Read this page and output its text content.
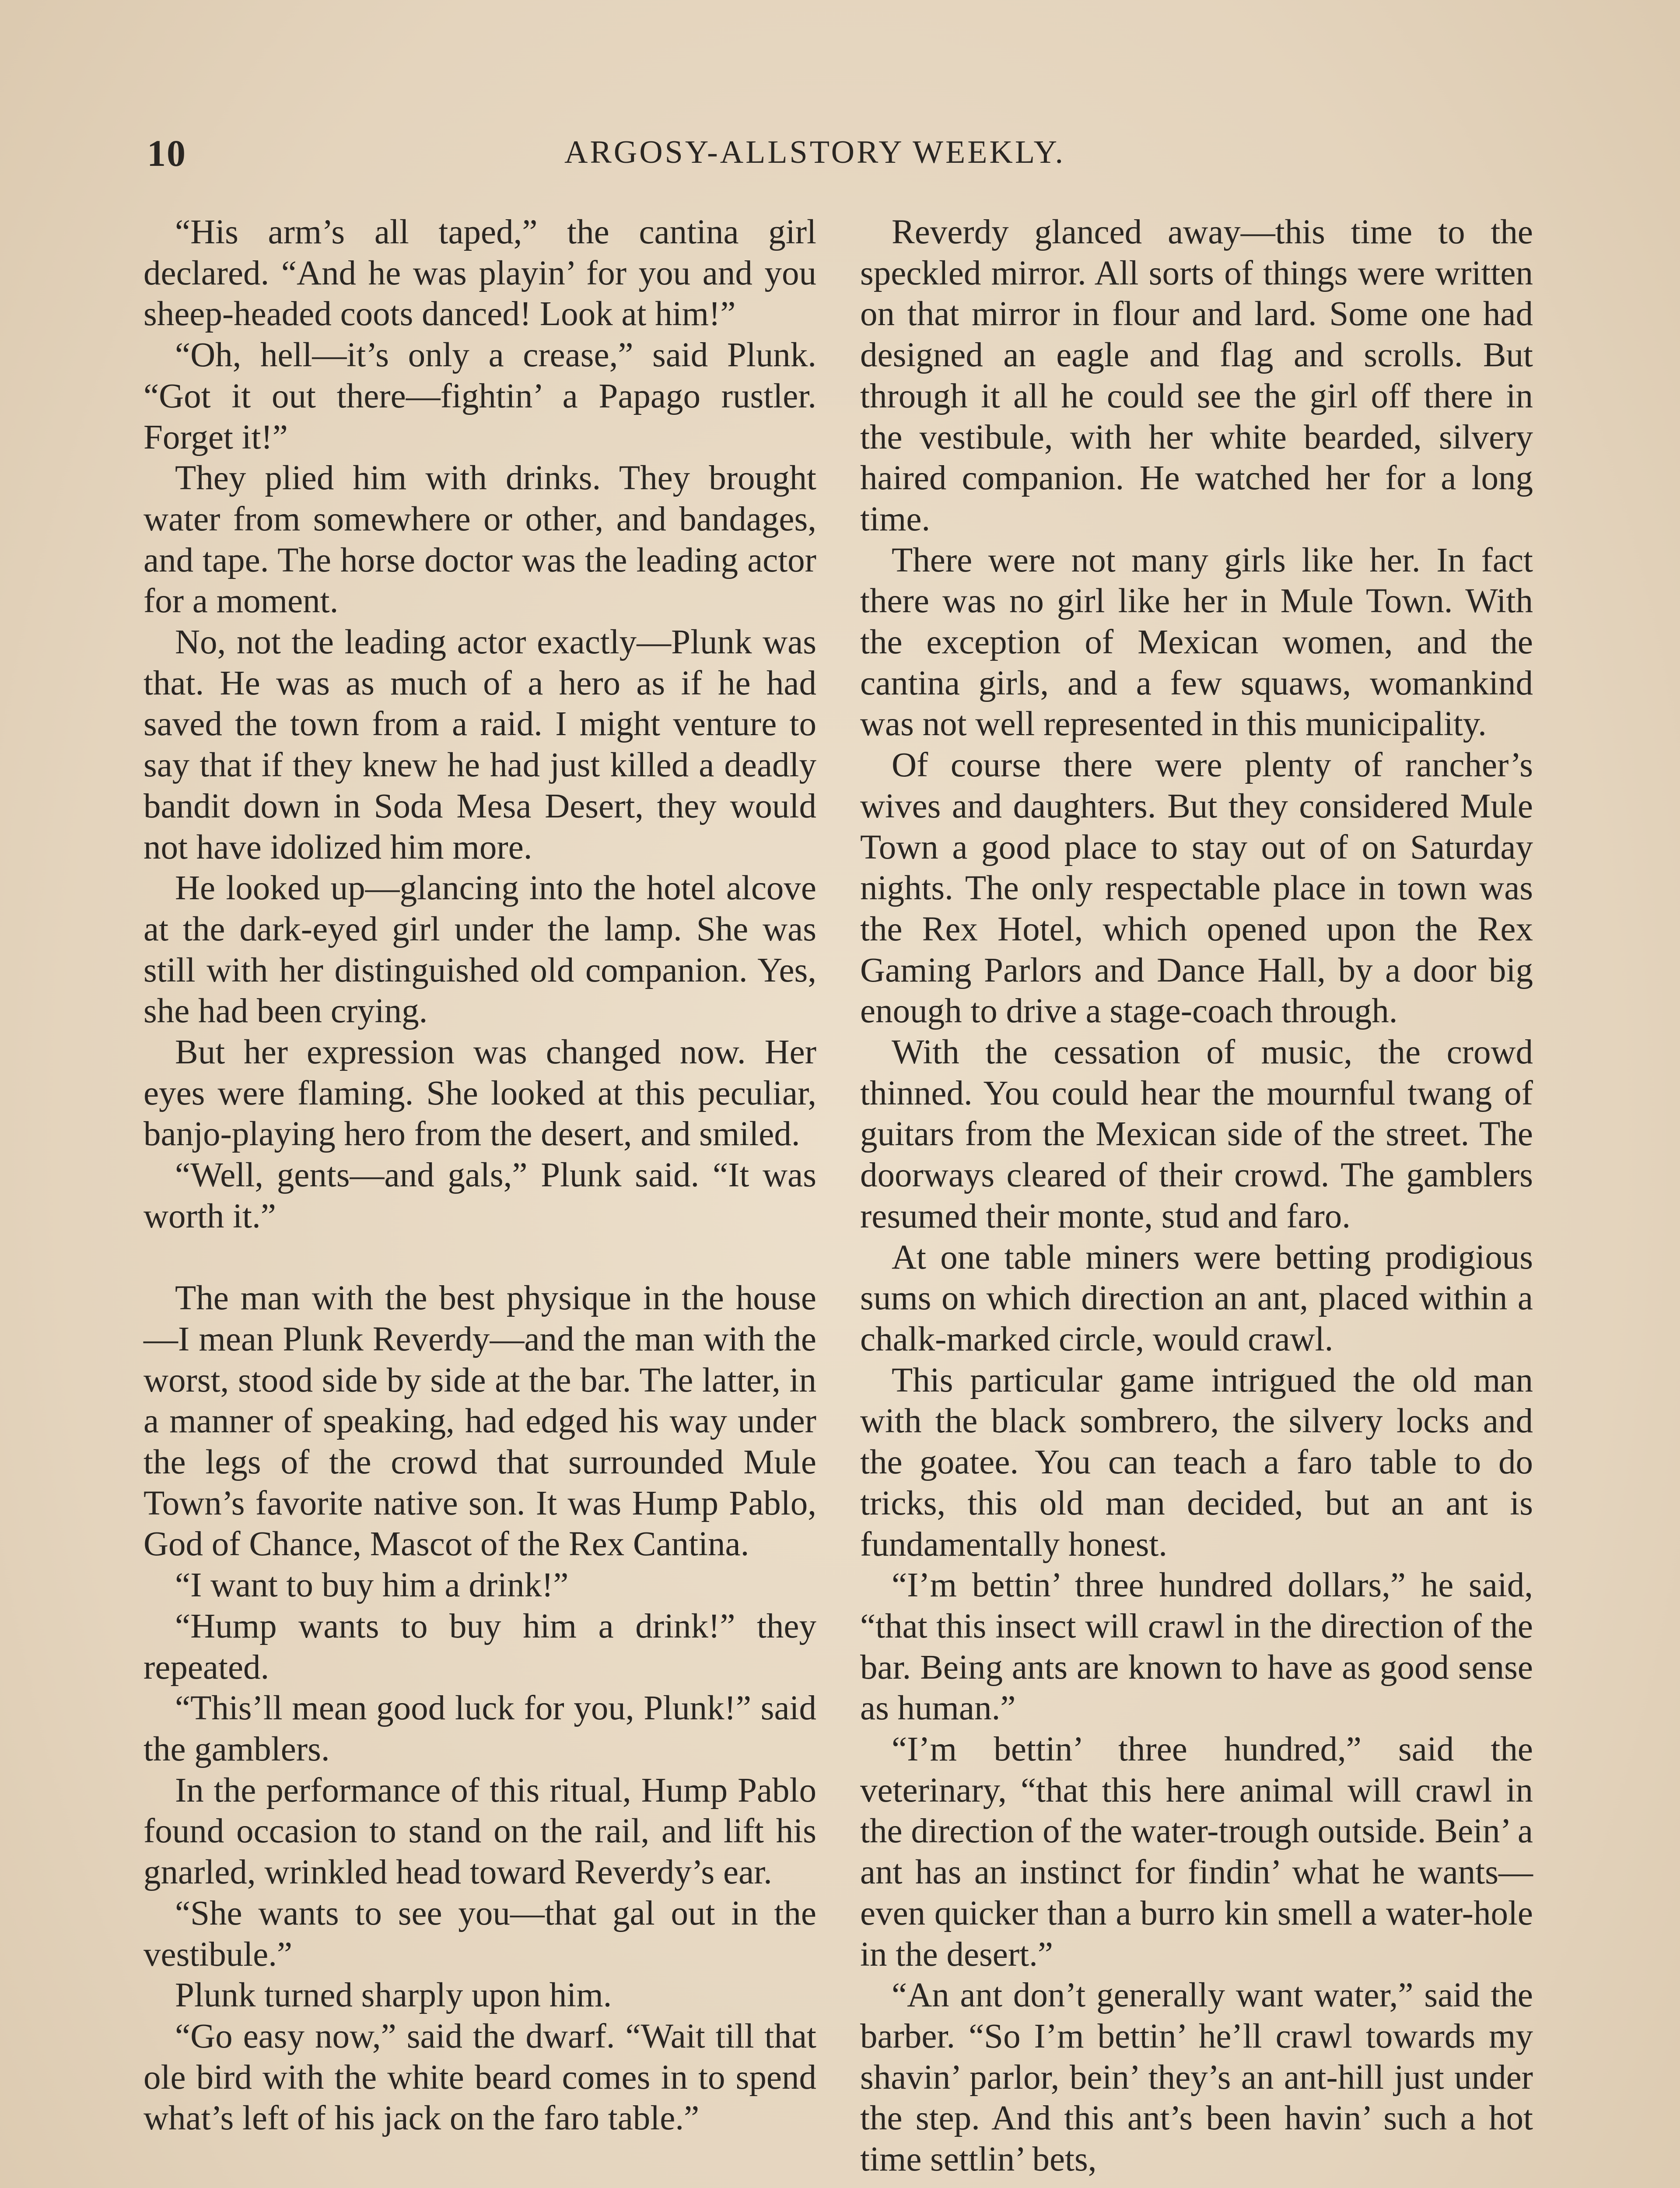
10	ARGOSY-ALLSTORY WEEKLY.

“His arm’s all taped,” the cantina girl declared. “And he was playin’ for you and you sheep-headed coots danced! Look at him!”

“Oh, hell—it’s only a crease,” said Plunk. “Got it out there—fightin’ a Papago rustler. Forget it!”

They plied him with drinks. They brought water from somewhere or other, and bandages, and tape. The horse doctor was the leading actor for a moment.

No, not the leading actor exactly—Plunk was that. He was as much of a hero as if he had saved the town from a raid. I might venture to say that if they knew he had just killed a deadly bandit down in Soda Mesa Desert, they would not have idolized him more.

He looked up—glancing into the hotel alcove at the dark-eyed girl under the lamp. She was still with her distinguished old companion. Yes, she had been crying.

But her expression was changed now. Her eyes were flaming. She looked at this peculiar, banjo-playing hero from the desert, and smiled.

“Well, gents—and gals,” Plunk said. “It was worth it.”

The man with the best physique in the house—I mean Plunk Reverdy—and the man with the worst, stood side by side at the bar. The latter, in a manner of speaking, had edged his way under the legs of the crowd that surrounded Mule Town’s favorite native son. It was Hump Pablo, God of Chance, Mascot of the Rex Cantina.

“I want to buy him a drink!”

“Hump wants to buy him a drink!” they repeated.

“This’ll mean good luck for you, Plunk!” said the gamblers.

In the performance of this ritual, Hump Pablo found occasion to stand on the rail, and lift his gnarled, wrinkled head toward Reverdy’s ear.

“She wants to see you—that gal out in the vestibule.”

Plunk turned sharply upon him.

“Go easy now,” said the dwarf. “Wait till that ole bird with the white beard comes in to spend what’s left of his jack on the faro table.”

Reverdy glanced away—this time to the speckled mirror. All sorts of things were written on that mirror in flour and lard. Some one had designed an eagle and flag and scrolls. But through it all he could see the girl off there in the vestibule, with her white bearded, silvery haired companion. He watched her for a long time.

There were not many girls like her. In fact there was no girl like her in Mule Town. With the exception of Mexican women, and the cantina girls, and a few squaws, womankind was not well represented in this municipality.

Of course there were plenty of rancher’s wives and daughters. But they considered Mule Town a good place to stay out of on Saturday nights. The only respectable place in town was the Rex Hotel, which opened upon the Rex Gaming Parlors and Dance Hall, by a door big enough to drive a stage-coach through.

With the cessation of music, the crowd thinned. You could hear the mournful twang of guitars from the Mexican side of the street. The doorways cleared of their crowd. The gamblers resumed their monte, stud and faro.

At one table miners were betting prodigious sums on which direction an ant, placed within a chalk-marked circle, would crawl.

This particular game intrigued the old man with the black sombrero, the silvery locks and the goatee. You can teach a faro table to do tricks, this old man decided, but an ant is fundamentally honest.

“I’m bettin’ three hundred dollars,” he said, “that this insect will crawl in the direction of the bar. Being ants are known to have as good sense as human.”

“I’m bettin’ three hundred,” said the veterinary, “that this here animal will crawl in the direction of the water-trough outside. Bein’ a ant has an instinct for findin’ what he wants—even quicker than a burro kin smell a water-hole in the desert.”

“An ant don’t generally want water,” said the barber. “So I’m bettin’ he’ll crawl towards my shavin’ parlor, bein’ they’s an ant-hill just under the step. And this ant’s been havin’ such a hot time settlin’ bets,
